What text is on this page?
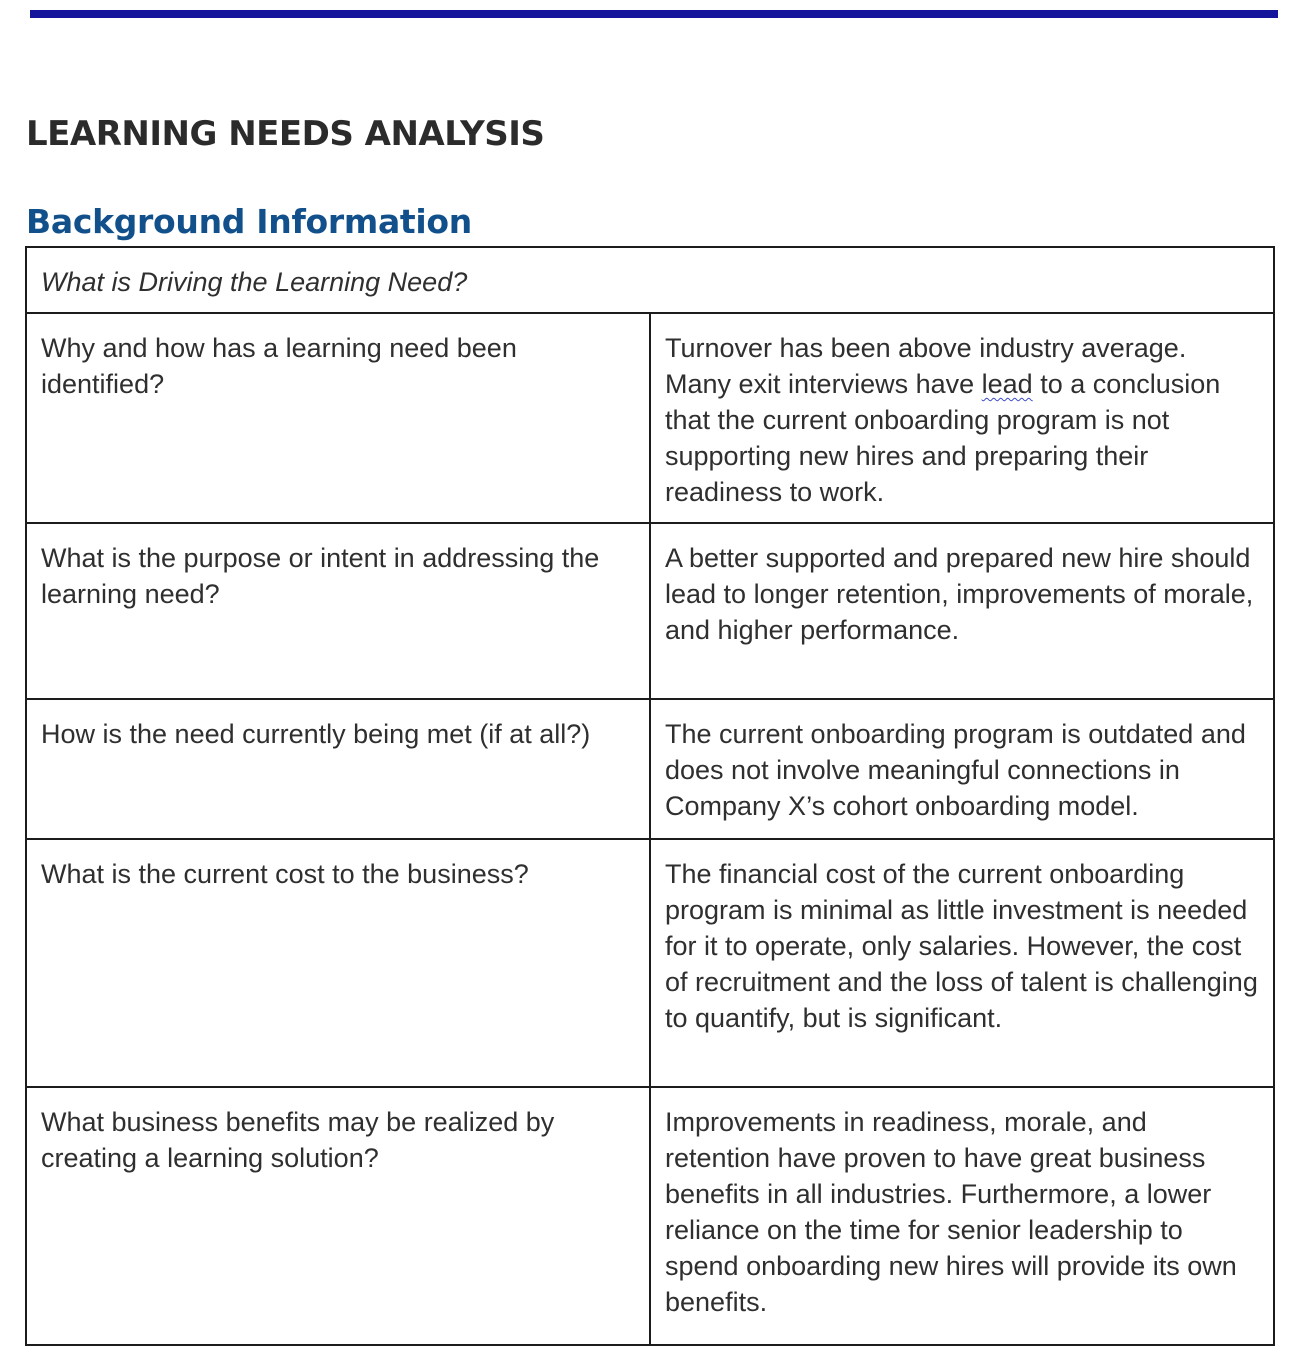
LEARNING NEEDS ANALYSIS
Background Information
What is Driving the Learning Need?	
Why and how has a learning need been identified?	Turnover has been above industry average. Many exit interviews have lead to a conclusion that the current onboarding program is not supporting new hires and preparing their readiness to work.
What is the purpose or intent in addressing the learning need?	A better supported and prepared new hire should lead to longer retention, improvements of morale, and higher performance.
How is the need currently being met (if at all?)	The current onboarding program is outdated and does not involve meaningful connections in Company X’s cohort onboarding model.
What is the current cost to the business?	The financial cost of the current onboarding program is minimal as little investment is needed for it to operate, only salaries. However, the cost of recruitment and the loss of talent is challenging to quantify, but is significant.
What business benefits may be realized by creating a learning solution?	Improvements in readiness, morale, and retention have proven to have great business benefits in all industries. Furthermore, a lower reliance on the time for senior leadership to spend onboarding new hires will provide its own benefits.
